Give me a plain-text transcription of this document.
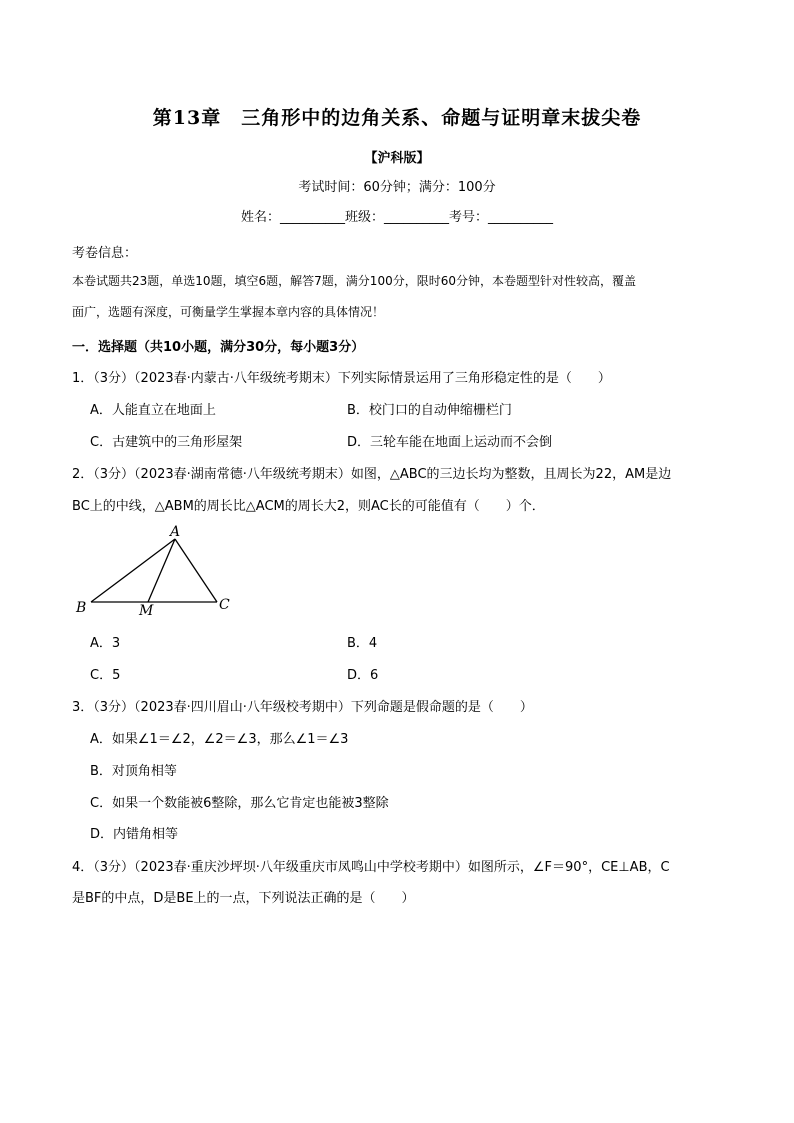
第13章　三角形中的边角关系、命题与证明章末拔尖卷
【沪科版】
考试时间：60分钟；满分：100分
姓名：__________班级：__________考号：__________
考卷信息：
本卷试题共23题，单选10题，填空6题，解答7题，满分100分，限时60分钟，本卷题型针对性较高，覆盖
面广，选题有深度，可衡量学生掌握本章内容的具体情况！
一．选择题（共10小题，满分30分，每小题3分）
1．（3分）（2023春·内蒙古·八年级统考期末）下列实际情景运用了三角形稳定性的是（　　）
A．人能直立在地面上	B．校门口的自动伸缩栅栏门
C．古建筑中的三角形屋架	D．三轮车能在地面上运动而不会倒
2．（3分）（2023春·湖南常德·八年级统考期末）如图，△ABC的三边长均为整数，且周长为22，AM是边
BC上的中线，△ABM的周长比△ACM的周长大2，则AC长的可能值有（　　）个．
A
B	C
M
A．3	B．4
C．5	D．6
3．（3分）（2023春·四川眉山·八年级校考期中）下列命题是假命题的是（　　）
A．如果∠1＝∠2，∠2＝∠3，那么∠1＝∠3
B．对顶角相等
C．如果一个数能被6整除，那么它肯定也能被3整除
D．内错角相等
4．（3分）（2023春·重庆沙坪坝·八年级重庆市凤鸣山中学校考期中）如图所示，∠F＝90°，CE⊥AB，C
是BF的中点，D是BE上的一点，下列说法正确的是（　　）
